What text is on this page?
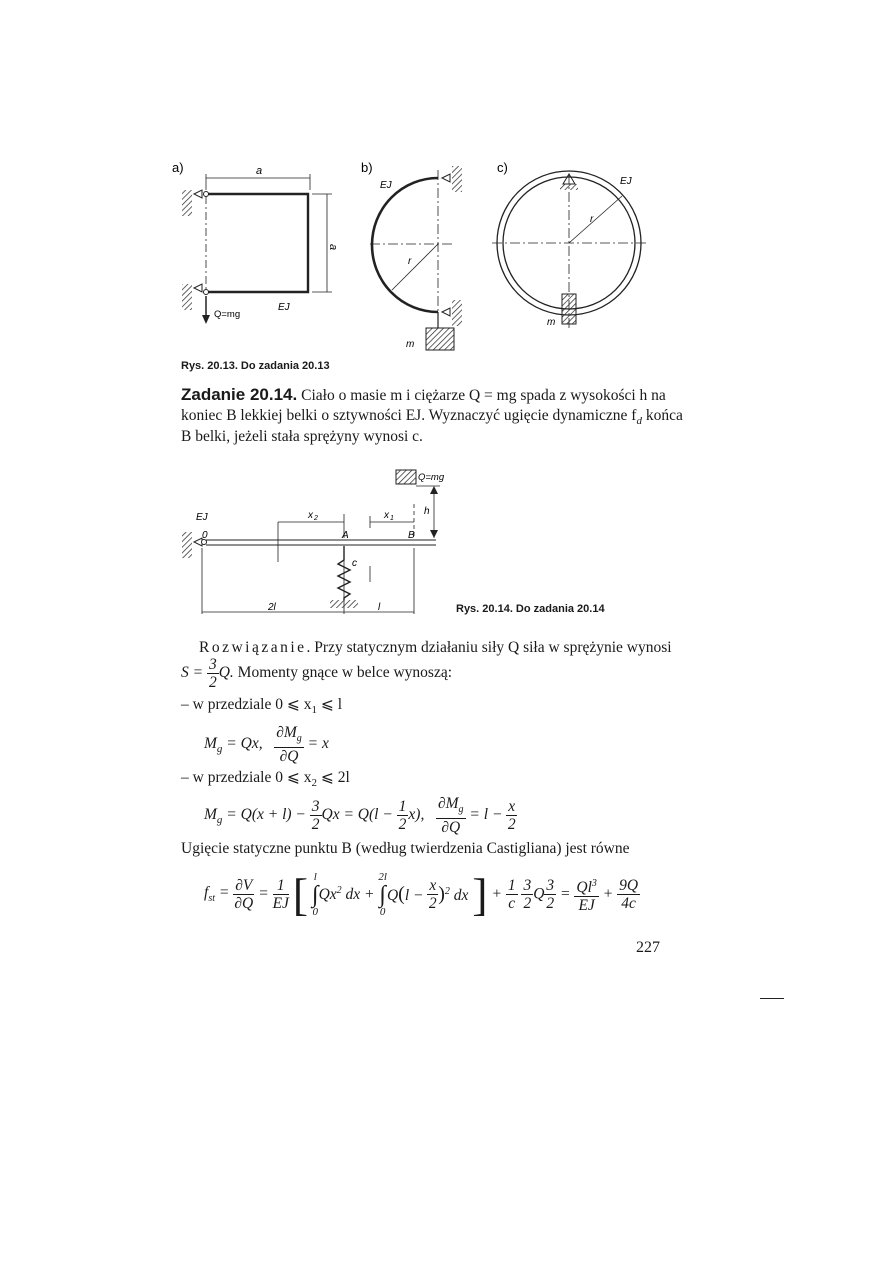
a)	a
a
EJ
Q=mg
b)
EJ
r
m
c)
EJ
r
m
Rys. 20.13. Do zadania 20.13
Zadanie 20.14. Ciało o masie m i ciężarze Q = mg spada z wysokości h na
koniec B lekkiej belki o sztywności EJ. Wyznaczyć ugięcie dynamiczne $f_d$ końca
B belki, jeżeli stała sprężyny wynosi c.
Q=mg
EJ
0	A	B
x 2	x 1
h
c
2l	l	Rys. 20.14. Do zadania 20.14
Rozwiązanie. Przy statycznym działaniu siły Q siła w sprężynie wynosi
$S = \frac{3}{2} Q$. Momenty gnące w belce wynoszą:
– w przedziale 0 ⩽ $x_1$ ⩽ l
$M_g = Qx$, $\frac{\partial M_g}{\partial Q} = x$
– w przedziale 0 ⩽ $x_2$ ⩽ 2l
$M_g = Q(x + l) - \frac{3}{2}$ $Qx = Q(l - \frac{1}{2} x)$, $\frac{\partial M_g}{\partial Q} = l - \frac{x}{2}$
Ugięcie statyczne punktu B (według twierdzenia Castigliana) jest równe
$f_{st} = \frac{\partial V}{\partial Q} = \frac{1}{EJ}$ [ l
∫
0
Qx$^2$ dx +
2l
∫
0
$Q(l - \frac{x}{2} )^2$ dx ] + $\frac{1}{c}$
$\frac{3}{2}$ Q $\frac{3}{2} = \frac{Ql^3}{EJ} + \frac{9Q}{4c}$
227
